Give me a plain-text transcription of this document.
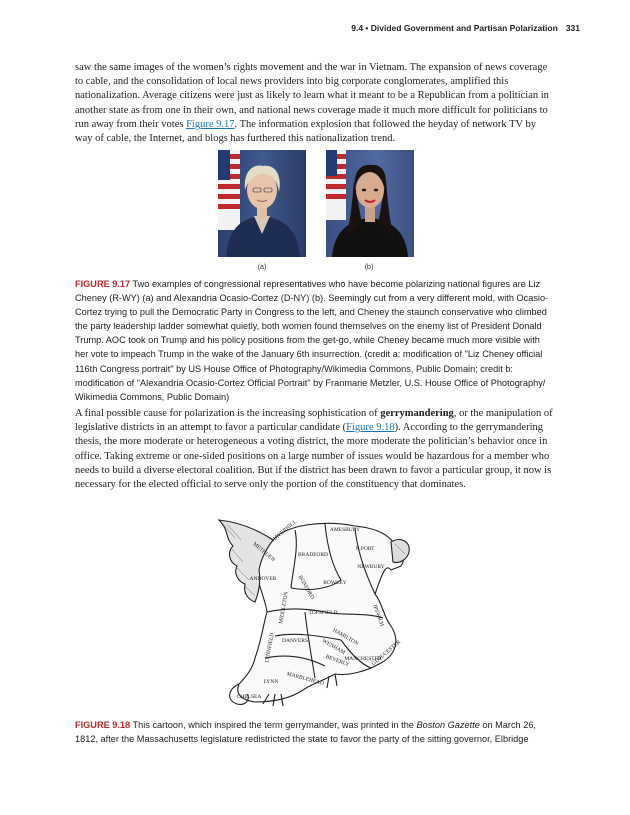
9.4 • Divided Government and Partisan Polarization 331

saw the same images of the women’s rights movement and the war in Vietnam. The expansion of news coverage to cable, and the consolidation of local news providers into big corporate conglomerates, amplified this nationalization. Average citizens were just as likely to learn what it meant to be a Republican from a politician in another state as from one in their own, and national news coverage made it much more difficult for politicians to run away from their votes Figure 9.17. The information explosion that followed the heyday of network TV by way of cable, the Internet, and blogs has furthered this nationalization trend.

(a)	(b)

FIGURE 9.17 Two examples of congressional representatives who have become polarizing national figures are Liz Cheney (R-WY) (a) and Alexandria Ocasio-Cortez (D-NY) (b). Seemingly cut from a very different mold, with Ocasio-Cortez trying to pull the Democratic Party in Congress to the left, and Cheney the staunch conservative who climbed the party leadership ladder somewhat quietly, both women found themselves on the enemy list of President Donald Trump. AOC took on Trump and his policy positions from the get-go, while Cheney became much more visible with her vote to impeach Trump in the wake of the January 6th insurrection. (credit a: modification of "Liz Cheney official 116th Congress portrait" by US House Office of Photography/Wikimedia Commons, Public Domain; credit b: modification of "Alexandria Ocasio-Cortez Official Portrait" by Franmarie Metzler, U.S. House Office of Photography/ Wikimedia Commons, Public Domain)

A final possible cause for polarization is the increasing sophistication of gerrymandering, or the manipulation of legislative districts in an attempt to favor a particular candidate (Figure 9.18). According to the gerrymandering thesis, the more moderate or heterogeneous a voting district, the more moderate the politician’s behavior once in office. Taking extreme or one-sided positions on a large number of issues would be hazardous for a member who needs to build a diverse electoral coalition. But if the district has been drawn to favor a particular group, it now is necessary for the elected official to serve only the portion of the constituency that dominates.

HAVERHILL	AMESBURY
METHUEN	BRADFORD
N.PORT
NEWBURY
ANDOVER
ROWLEY
BOXFORD
MIDDLETON	TOPSFIELD	IPSWICH
HAMILTON
WENHAM
LYNNFIELD DANVERS
BEVERLY
MANCHESTER
GLOUCESTER
LYNN MARBLEHEAD
CHELSEA

FIGURE 9.18 This cartoon, which inspired the term gerrymander, was printed in the Boston Gazette on March 26, 1812, after the Massachusetts legislature redistricted the state to favor the party of the sitting governor, Elbridge
